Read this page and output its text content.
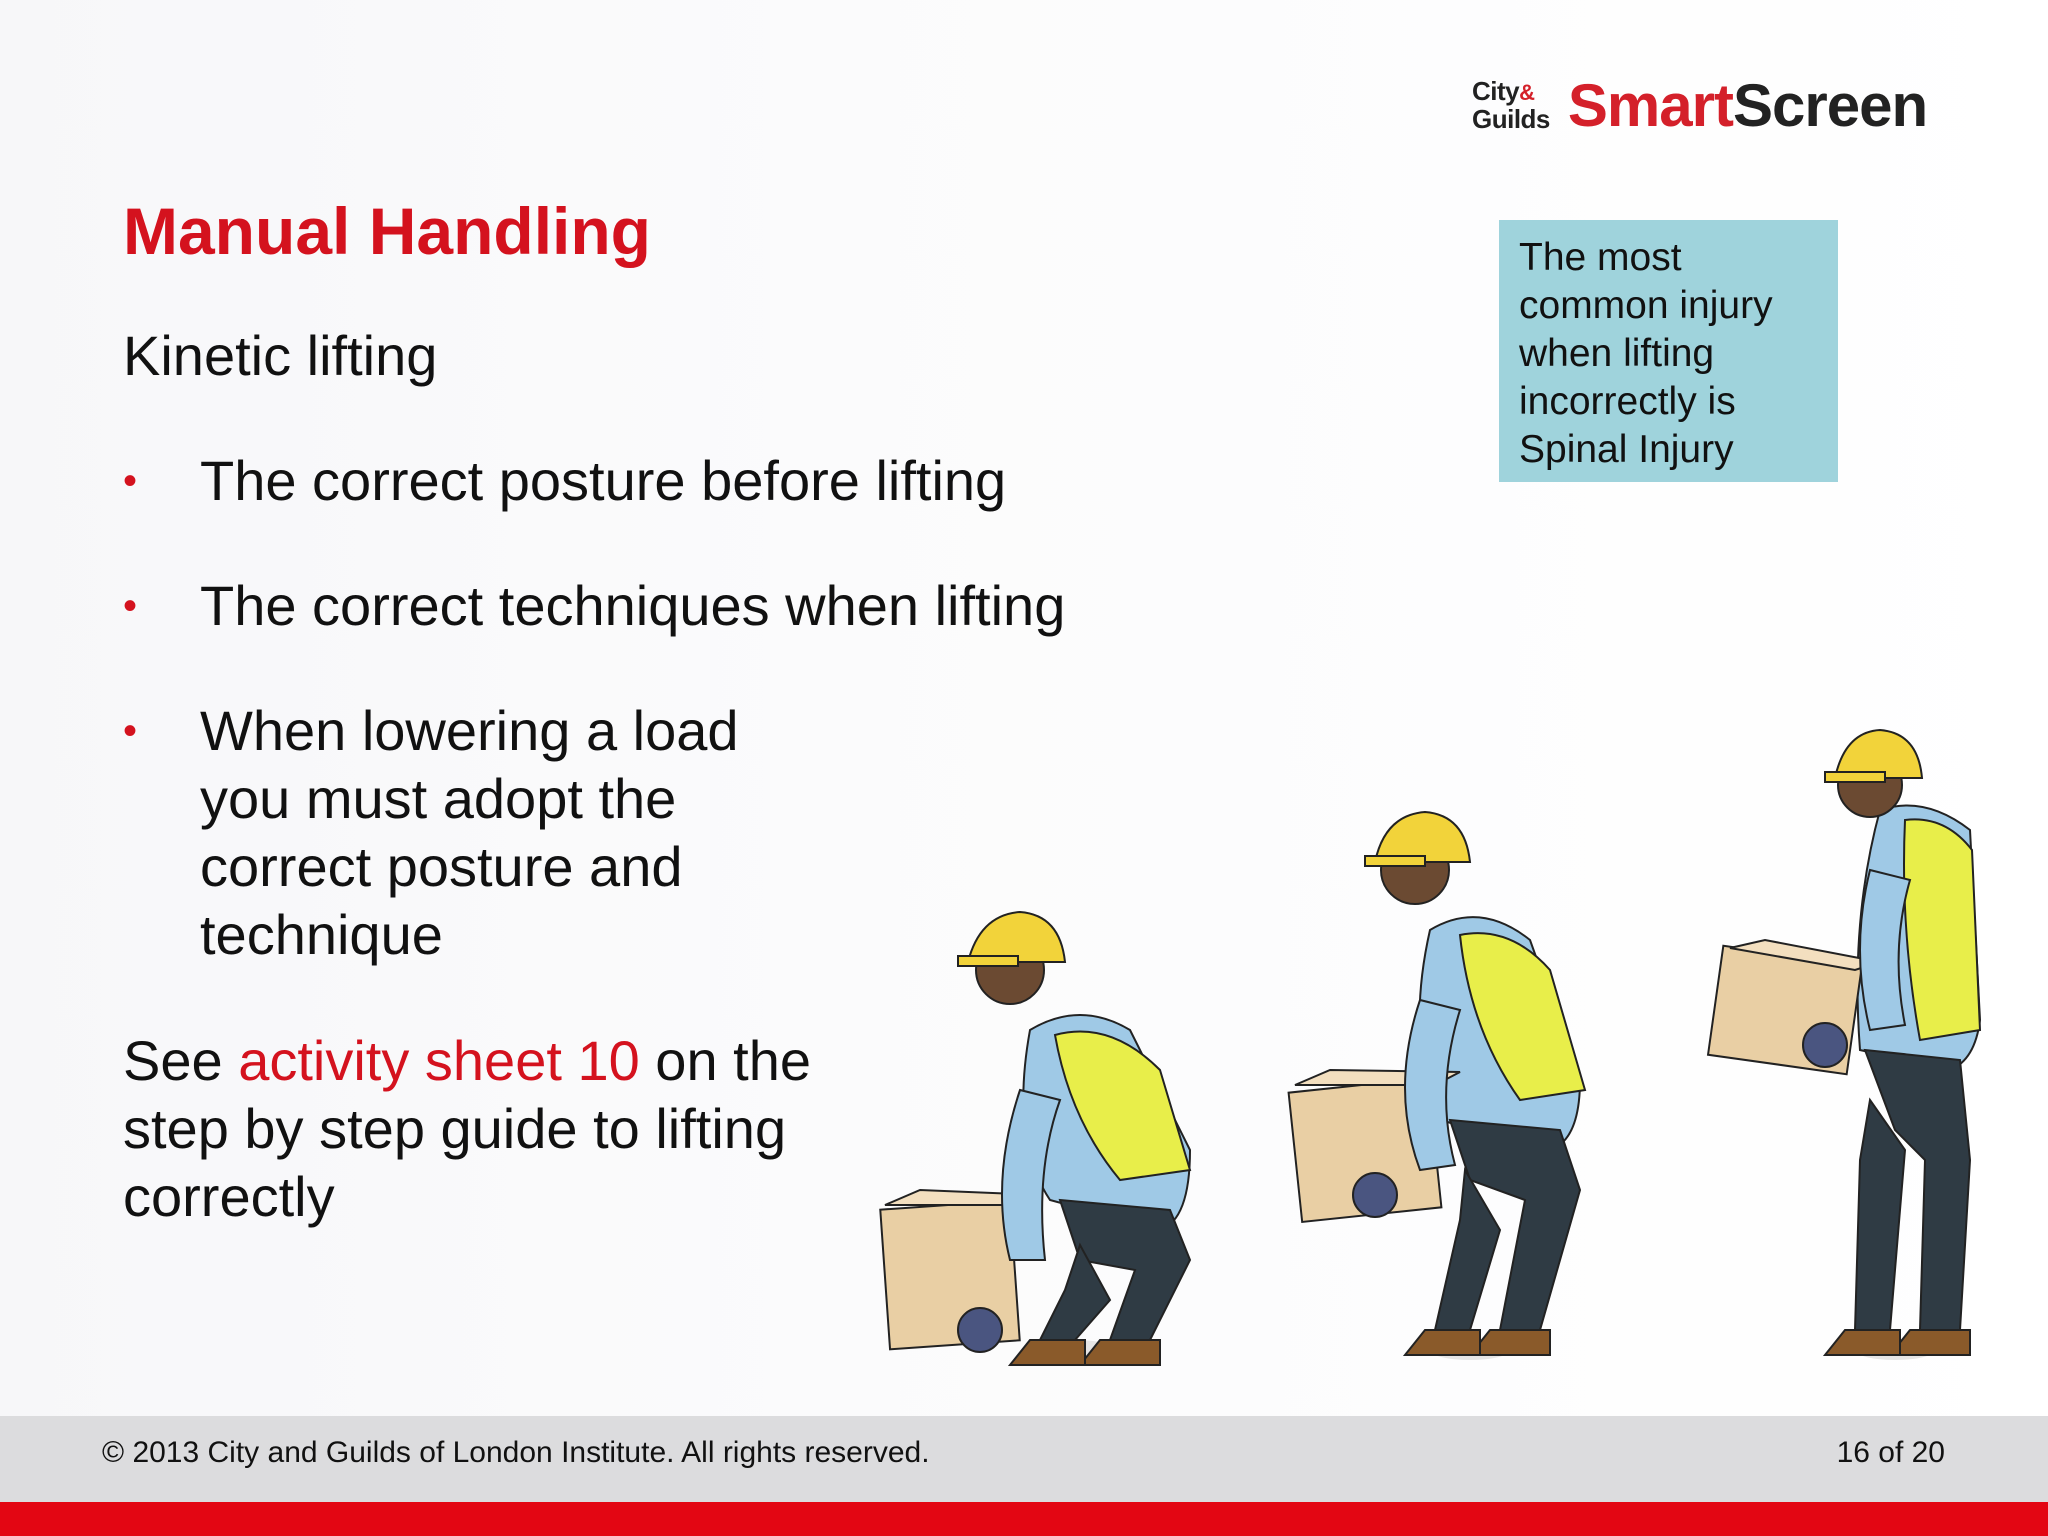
City&
Guilds Smart Screen
Manual Handling

Kinetic lifting

• The correct posture before lifting
• The correct techniques when lifting
• When lowering a load you must adopt the correct posture and technique

See activity sheet 10 on the step by step guide to lifting correctly

The most common injury when lifting incorrectly is Spinal Injury
© 2013 City and Guilds of London Institute. All rights reserved.	16 of 20
